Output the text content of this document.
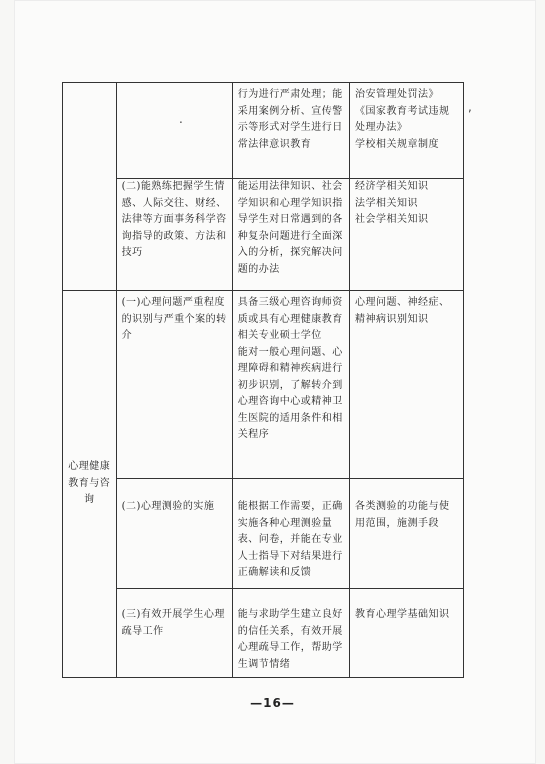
.
,

		行为进行严肃处理；能采用案例分析、宣传警示等形式对学生进行日常法律意识教育	治安管理处罚法》
《国家教育考试违规处理办法》
学校相关规章制度

	(二)能熟练把握学生情感、人际交往、财经、法律等方面事务科学咨询指导的政策、方法和技巧	能运用法律知识、社会学知识和心理学知识指导学生对日常遇到的各种复杂问题进行全面深入的分析，探究解决问题的办法	经济学相关知识
法学相关知识
社会学相关知识

心理健康教育与咨询	(一)心理问题严重程度的识别与严重个案的转介	具备三级心理咨询师资质或具有心理健康教育相关专业硕士学位
能对一般心理问题、心理障碍和精神疾病进行初步识别，了解转介到心理咨询中心或精神卫生医院的适用条件和相关程序	心理问题、神经症、精神病识别知识

	(二)心理测验的实施	能根据工作需要，正确实施各种心理测验量表、问卷，并能在专业人士指导下对结果进行正确解读和反馈	各类测验的功能与使用范围，施测手段

	(三)有效开展学生心理疏导工作	能与求助学生建立良好的信任关系，有效开展心理疏导工作，帮助学生调节情绪	教育心理学基础知识
—16—
